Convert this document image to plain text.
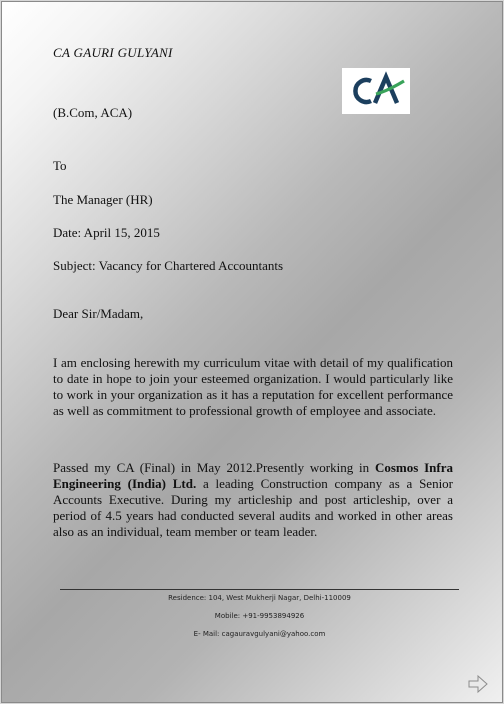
CA GAURI GULYANI

(B.Com, ACA)

To

The Manager (HR)

Date: April 15, 2015

Subject: Vacancy for Chartered Accountants

Dear Sir/Madam,

I am enclosing herewith my curriculum vitae with detail of my qualification to date in hope to join your esteemed organization. I would particularly like to work in your organization as it has a reputation for excellent performance as well as commitment to professional growth of employee and associate.

Passed my CA (Final) in May 2012.Presently working in Cosmos Infra Engineering (India) Ltd. a leading Construction company as a Senior Accounts Executive. During my articleship and post articleship, over a period of 4.5 years had conducted several audits and worked in other areas also as an individual, team member or team leader.

Residence: 104, West Mukherji Nagar, Delhi-110009
Mobile: +91-9953894926
E- Mail: cagauravgulyani@yahoo.com
